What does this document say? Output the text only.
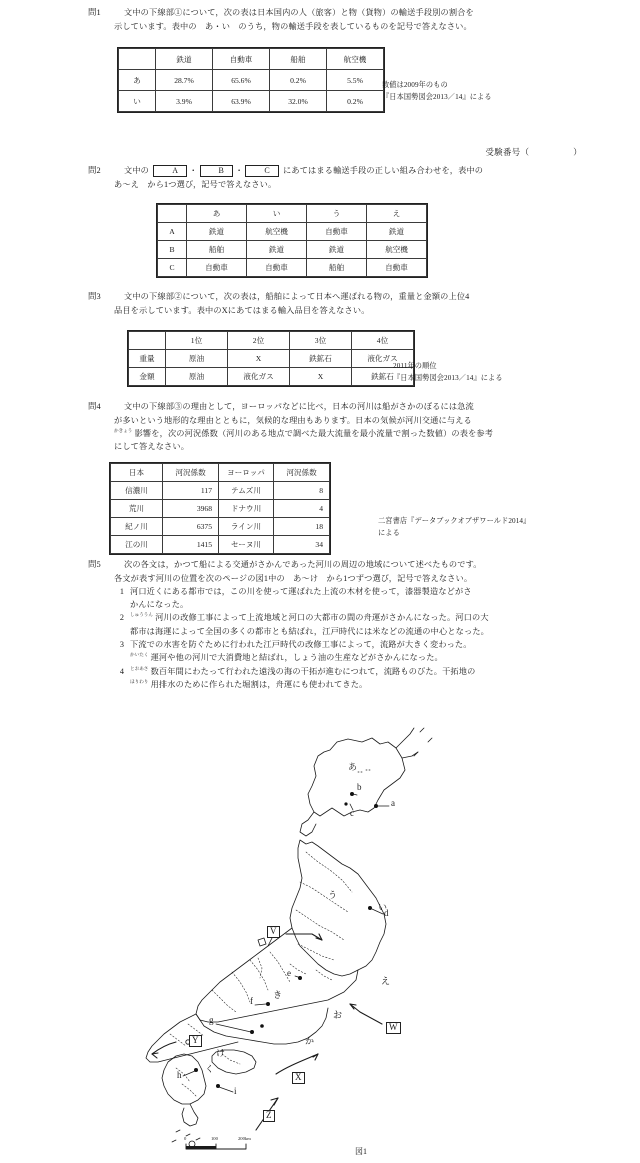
問1	文中の下線部①について，次の表は日本国内の人（旅客）と物（貨物）の輸送手段別の割合を
示しています。表中の　あ・い　のうち，物の輸送手段を表しているものを記号で答えなさい。
	鉄道	自動車	船舶	航空機
あ	28.7%	65.6%	0.2%	5.5%
い	3.9%	63.9%	32.0%	0.2%
数値は2009年のもの
『日本国勢図会2013／14』による
受験番号（　　　　　）
問2	文中の	A ・	B ・	C にあてはまる輸送手段の正しい組み合わせを，表中の
あ～え　から1つ選び，記号で答えなさい。
	あ	い	う	え
A	鉄道	航空機	自動車	鉄道
B	船舶	鉄道	鉄道	航空機
C	自動車	自動車	船舶	自動車
問3	文中の下線部②について，次の表は，船舶によって日本へ運ばれる物の，重量と金額の上位4
品目を示しています。表中のXにあてはまる輸入品目を答えなさい。
	1位	2位	3位	4位
重量	原油	X	鉄鉱石	液化ガス
金額	原油	液化ガス	X	鉄鉱石
2011年の順位
『日本国勢図会2013／14』による
問4	文中の下線部③の理由として，ヨーロッパなどに比べ，日本の河川は船がさかのぼるには急流
が多いという地形的な理由とともに，気候的な理由もあります。日本の気候が河川交通に与える
$^{かきょう}$ 影響を，次の河況係数（河川のある地点で調べた最大流量を最小流量で割った数値）の表を参考
にして答えなさい。
日本	河況係数	ヨーロッパ	河況係数
信濃川	117	テムズ川	8
荒川	3968	ドナウ川	4
紀ノ川	6375	ライン川	18
江の川	1415	セーヌ川	34
二宮書店『データブックオブザワールド2014』
による
問5	次の各文は，かつて船による交通がさかんであった河川の周辺の地域について述べたものです。
各文が表す河川の位置を次のページの図1中の　あ～け　から1つずつ選び，記号で答えなさい。
1 河口近くにある都市では，この川を使って運ばれた上流の木材を使って，漆器製造などがさ
かんになった。
2	$^{しゅううん}$ 河川の改修工事によって上流地域と河口の大都市の間の舟運がさかんになった。河口の大
都市は海運によって全国の多くの都市とも結ばれ，江戸時代には米などの流通の中心となった。
3 下流での水害を防ぐために行われた江戸時代の改修工事によって，流路が大きく変わった。
$^{かいたく}$ 運河や他の河川で大消費地と結ばれ，しょう油の生産などがさかんになった。
4	$^{とおあさ}$ 数百年間にわたって行われた遠浅の海の干拓が進むにつれて，流路ものびた。干拓地の
$^{ほりわり}$ 用排水のために作られた堀割は，舟運にも使われてきた。
あ
い
う
え
お
か
き
く
け
a
b
c
d
e
f
g
h
i
V
W
X
Y
Z
0	100	200km
図1
